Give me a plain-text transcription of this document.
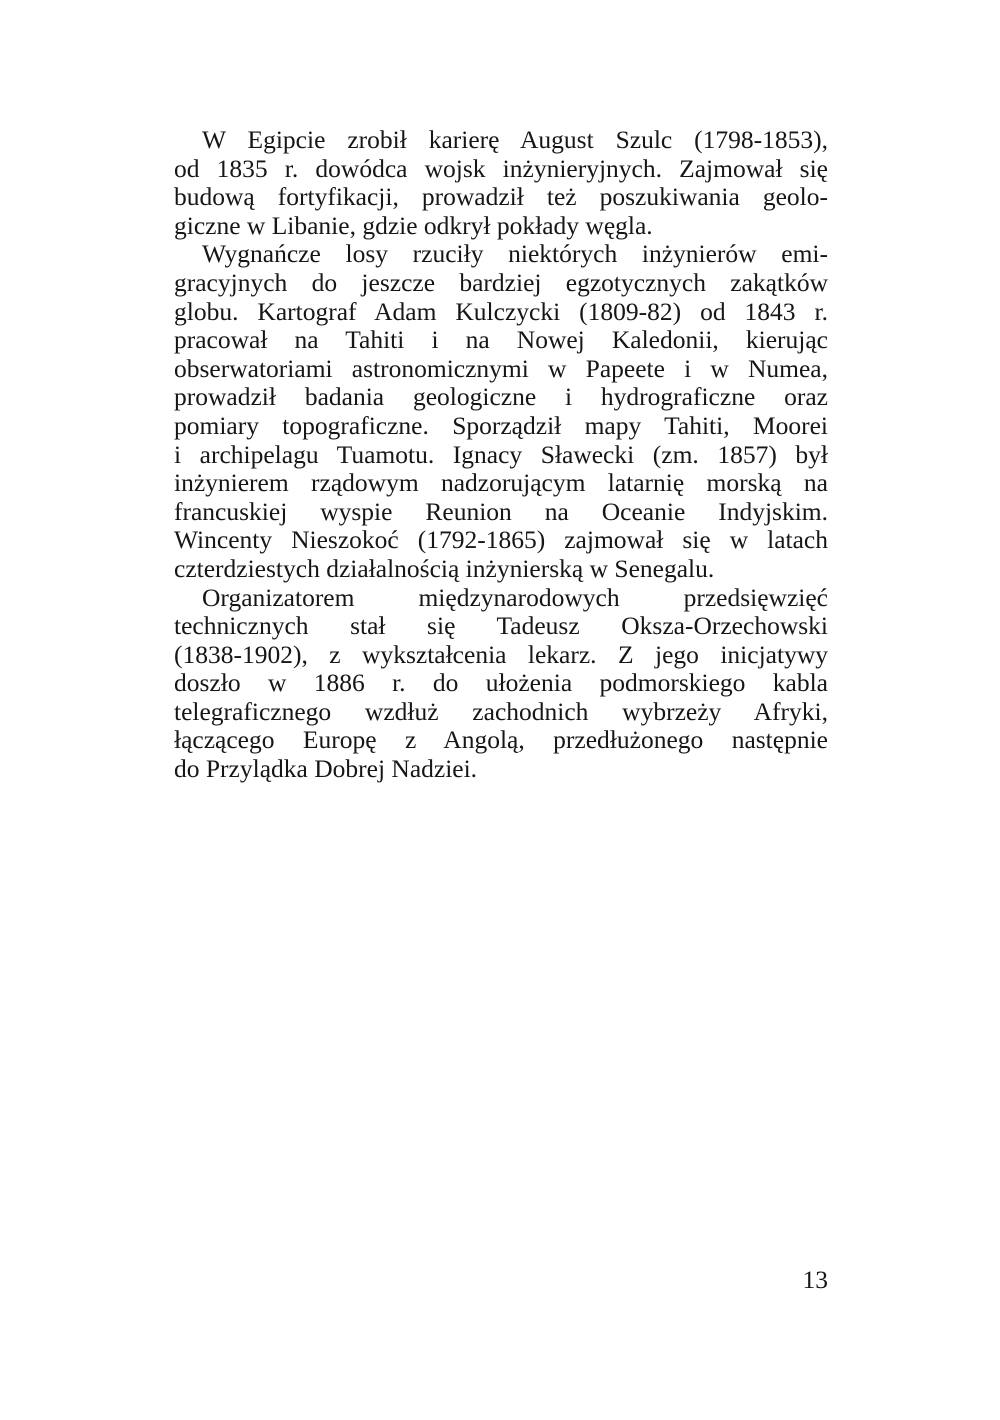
W Egipcie zrobił karierę August Szulc (1798-1853),
od 1835 r. dowódca wojsk inżynieryjnych. Zajmował się
budową fortyfikacji, prowadził też poszukiwania geolo-
giczne w Libanie, gdzie odkrył pokłady węgla.

Wygnańcze losy rzuciły niektórych inżynierów emi-
gracyjnych do jeszcze bardziej egzotycznych zakątków
globu. Kartograf Adam Kulczycki (1809-82) od 1843 r.
pracował na Tahiti i na Nowej Kaledonii, kierując
obserwatoriami astronomicznymi w Papeete i w Numea,
prowadził badania geologiczne i hydrograficzne oraz
pomiary topograficzne. Sporządził mapy Tahiti, Moorei
i archipelagu Tuamotu. Ignacy Sławecki (zm. 1857) był
inżynierem rządowym nadzorującym latarnię morską na
francuskiej wyspie Reunion na Oceanie Indyjskim.
Wincenty Nieszokoć (1792-1865) zajmował się w latach
czterdziestych działalnością inżynierską w Senegalu.

Organizatorem międzynarodowych przedsięwzięć
technicznych stał się Tadeusz Oksza-Orzechowski
(1838-1902), z wykształcenia lekarz. Z jego inicjatywy
doszło w 1886 r. do ułożenia podmorskiego kabla
telegraficznego wzdłuż zachodnich wybrzeży Afryki,
łączącego Europę z Angolą, przedłużonego następnie
do Przylądka Dobrej Nadziei.

13
